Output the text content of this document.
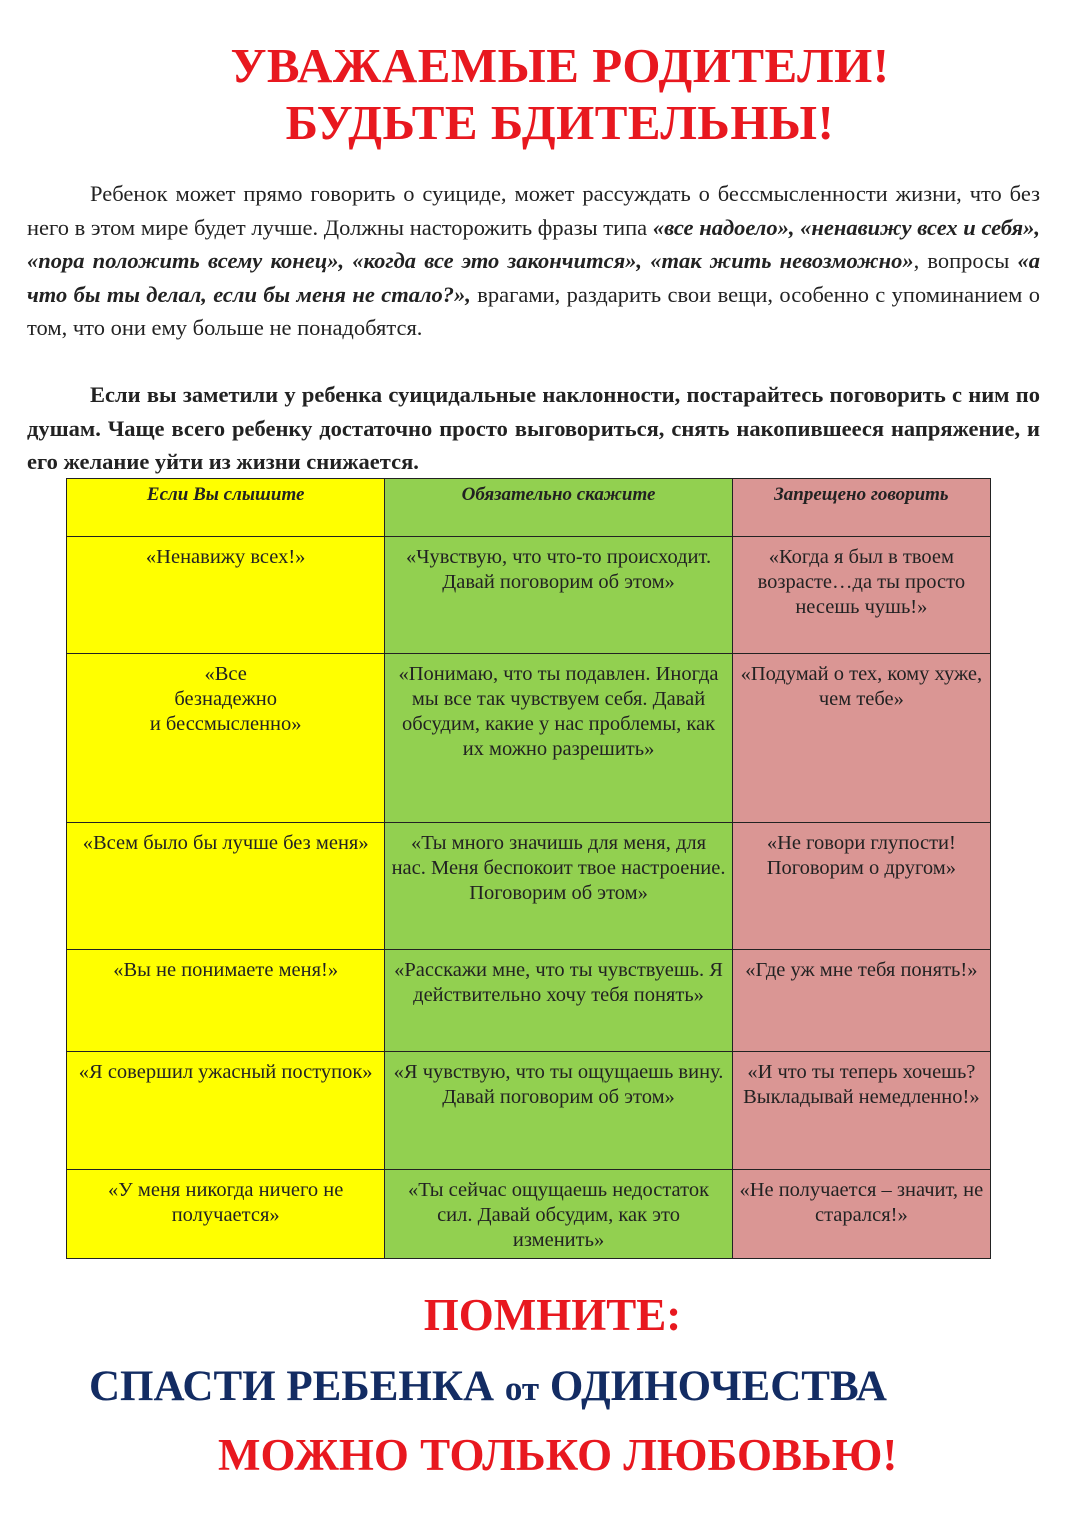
УВАЖАЕМЫЕ РОДИТЕЛИ!
БУДЬТЕ БДИТЕЛЬНЫ!
Ребенок может прямо говорить о суициде, может рассуждать о бессмысленности жизни, что без него в этом мире будет лучше. Должны насторожить фразы типа «все надоело», «ненавижу всех и себя», «пора положить всему конец», «когда все это закончится», «так жить невозможно», вопросы «а что бы ты делал, если бы меня не стало?», врагами, раздарить свои вещи, особенно с упоминанием о том, что они ему больше не понадобятся.
Если вы заметили у ребенка суицидальные наклонности, постарайтесь поговорить с ним по душам. Чаще всего ребенку достаточно просто выговориться, снять накопившееся напряжение, и его желание уйти из жизни снижается.
Если Вы слышите	Обязательно скажите	Запрещено говорить
«Ненавижу всех!»	«Чувствую, что что-то происходит. Давай поговорим об этом»	«Когда я был в твоем возрасте…да ты просто несешь чушь!»
«Все
безнадежно
и бессмысленно»	«Понимаю, что ты подавлен. Иногда мы все так чувствуем себя. Давай обсудим, какие у нас проблемы, как их можно разрешить»	«Подумай о тех, кому хуже, чем тебе»
«Всем было бы лучше без меня»	«Ты много значишь для меня, для нас. Меня беспокоит твое настроение. Поговорим об этом»	«Не говори глупости! Поговорим о другом»
«Вы не понимаете меня!»	«Расскажи мне, что ты чувствуешь. Я действительно хочу тебя понять»	«Где уж мне тебя понять!»
«Я совершил ужасный поступок»	«Я чувствую, что ты ощущаешь вину. Давай поговорим об этом»	«И что ты теперь хочешь? Выкладывай немедленно!»
«У меня никогда ничего не получается»	«Ты сейчас ощущаешь недостаток сил. Давай обсудим, как это изменить»	«Не получается – значит, не старался!»
ПОМНИТЕ:
СПАСТИ РЕБЕНКА от ОДИНОЧЕСТВА
МОЖНО ТОЛЬКО ЛЮБОВЬЮ!
